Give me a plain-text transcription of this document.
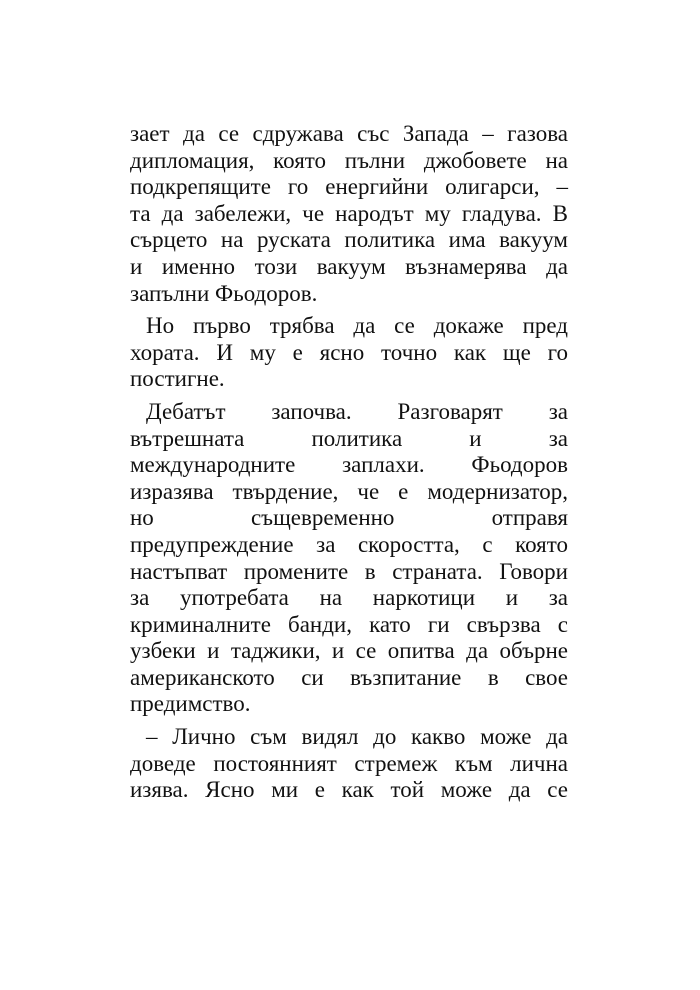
зает да се сдружава със Запада – газова
дипломация, която пълни джобовете на
подкрепящите го енергийни олигарси, –
та да забележи, че народът му гладува. В
сърцето на руската политика има вакуум
и именно този вакуум възнамерява да
запълни Фьодоров.

Но първо трябва да се докаже пред
хората. И му е ясно точно как ще го
постигне.

Дебатът започва. Разговарят за
вътрешната политика и за
международните заплахи. Фьодоров
изразява твърдение, че е модернизатор,
но същевременно отправя
предупреждение за скоростта, с която
настъпват промените в страната. Говори
за употребата на наркотици и за
криминалните банди, като ги свързва с
узбеки и таджики, и се опитва да обърне
американското си възпитание в свое
предимство.

– Лично съм видял до какво може да
доведе постоянният стремеж към лична
изява. Ясно ми е как той може да се
